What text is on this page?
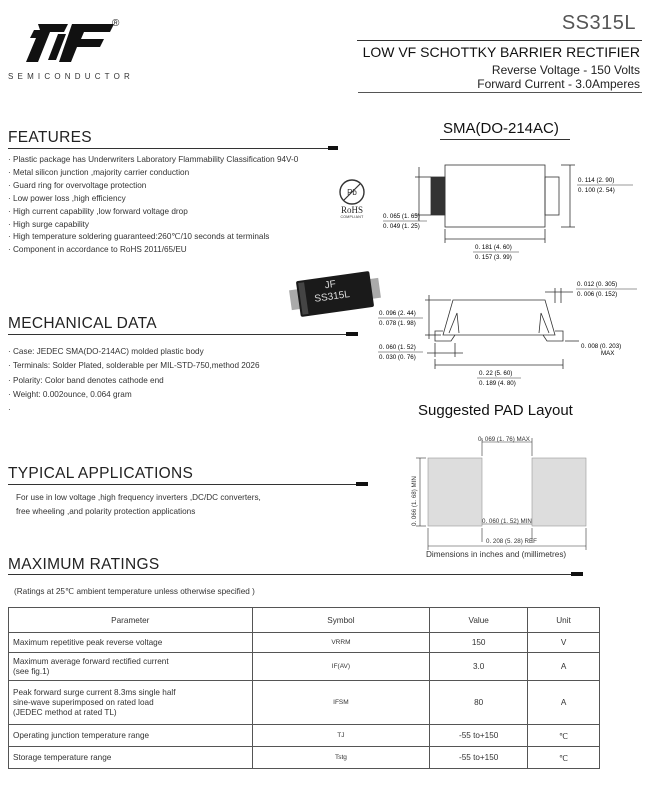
®
SEMICONDUCTOR
SS315L
LOW VF SCHOTTKY BARRIER RECTIFIER
Reverse Voltage - 150 Volts
Forward Current - 3.0Amperes
FEATURES
· Plastic package has Underwriters Laboratory Flammability Classification 94V-0
· Metal silicon junction ,majority carrier conduction
· Guard ring for overvoltage protection
· Low power loss ,high efficiency
· High current capability ,low forward voltage drop
· High surge capability
· High temperature soldering guaranteed:260℃/10 seconds at terminals
· Component in accordance to RoHS 2011/65/EU
Pb
RoHS
COMPLIANT
JF
SS315L
MECHANICAL DATA
· Case: JEDEC SMA(DO-214AC) molded plastic body
· Terminals: Solder Plated, solderable per MIL-STD-750,method 2026
· Polarity: Color band denotes cathode end
· Weight: 0.002ounce, 0.064 gram
·
TYPICAL APPLICATIONS
For use in low voltage ,high frequency inverters ,DC/DC converters,
free wheeling ,and polarity protection applications
SMA(DO-214AC)
0. 114 (2. 90)
0. 100 (2. 54)
0. 065 (1. 65)
0. 049 (1. 25)
0. 181 (4. 60)
0. 157 (3. 99)
0. 012 (0. 305)
0. 006 (0. 152)
0. 096 (2. 44)
0. 078 (1. 98)
0. 060 (1. 52)
0. 030 (0. 76)
0. 008 (0. 203)
MAX
0. 22 (5. 60)
0. 189 (4. 80)
Suggested PAD Layout
0. 069 (1. 76) MAX
0. 066 (1. 68) MIN	0. 060 (1. 52) MIN
0. 208 (5. 28) REF
Dimensions in inches and (millimetres)
MAXIMUM RATINGS
(Ratings at 25℃ ambient temperature unless otherwise specified )
Parameter	Symbol	Value	Unit
Maximum repetitive peak reverse voltage	VRRM	150	V
Maximum average forward rectified current
(see fig.1)	IF(AV)	3.0	A
Peak forward surge current 8.3ms single half
sine-wave superimposed on rated load
(JEDEC method at rated TL)	IFSM	80	A
Operating junction temperature range	TJ	-55 to+150	℃
Storage temperature range	Tstg	-55 to+150	℃
